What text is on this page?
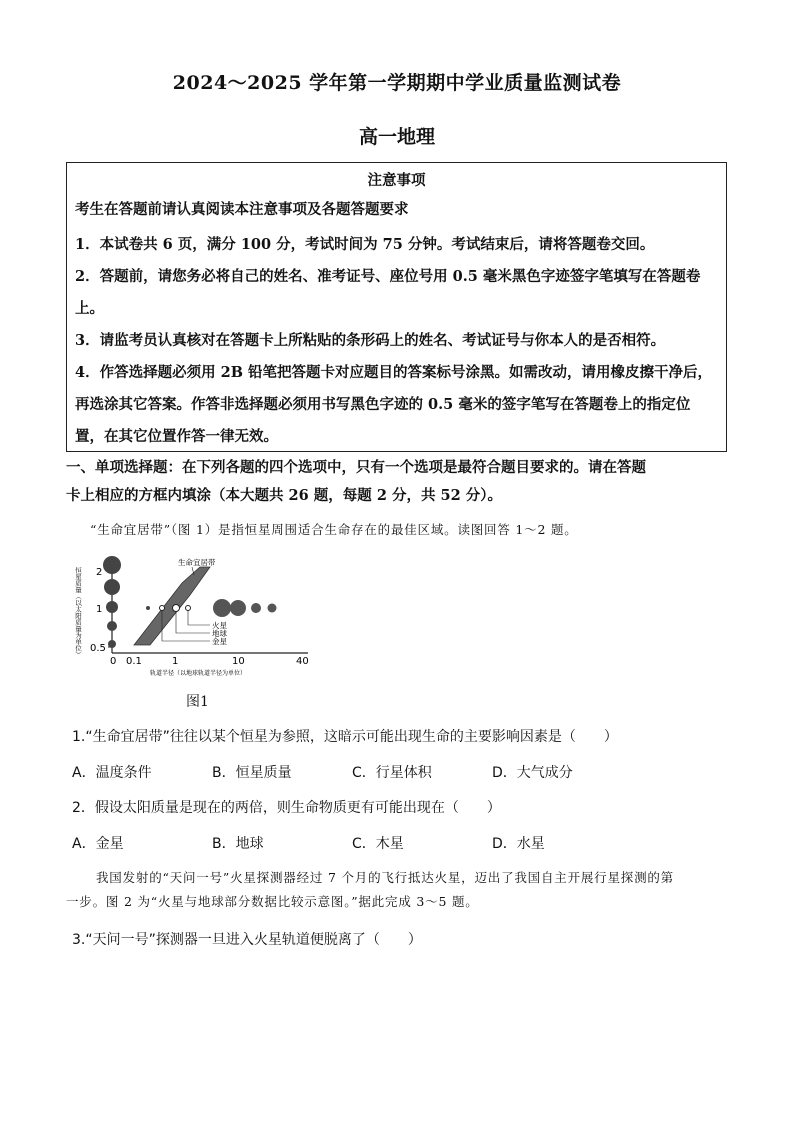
2024～2025 学年第一学期期中学业质量监测试卷
高一地理
注意事项

考生在答题前请认真阅读本注意事项及各题答题要求

1．本试卷共 6 页，满分 100 分，考试时间为 75 分钟。考试结束后，请将答题卷交回。

2．答题前，请您务必将自己的姓名、准考证号、座位号用 0.5 毫米黑色字迹签字笔填写在答题卷上。

3．请监考员认真核对在答题卡上所粘贴的条形码上的姓名、考试证号与你本人的是否相符。

4．作答选择题必须用 2B 铅笔把答题卡对应题目的答案标号涂黑。如需改动，请用橡皮擦干净后，再选涂其它答案。作答非选择题必须用书写黑色字迹的 0.5 毫米的签字笔写在答题卷上的指定位置，在其它位置作答一律无效。

一、单项选择题：在下列各题的四个选项中，只有一个选项是最符合题目要求的。请在答题
卡上相应的方框内填涂（本大题共 26 题，每题 2 分，共 52 分）。
“生命宜居带”（图 1）是指恒星周围适合生命存在的最佳区域。读图回答 1～2 题。
2
1
0.5
恒星质量（以太阳质量为单位）
0 0.1	1	10	40
轨道半径（以地球轨道半径为单位）
生命宜居带
火星
地球
金星
图1
1.“生命宜居带”往往以某个恒星为参照，这暗示可能出现生命的主要影响因素是（　　）
A．温度条件	B．恒星质量	C．行星体积	D．大气成分
2．假设太阳质量是现在的两倍，则生命物质更有可能出现在（　　）
A．金星	B．地球	C．木星	D．水星
我国发射的“天问一号”火星探测器经过 7 个月的飞行抵达火星，迈出了我国自主开展行星探测的第
一步。图 2 为“火星与地球部分数据比较示意图。”据此完成 3～5 题。
3.“天问一号”探测器一旦进入火星轨道便脱离了（　　）
